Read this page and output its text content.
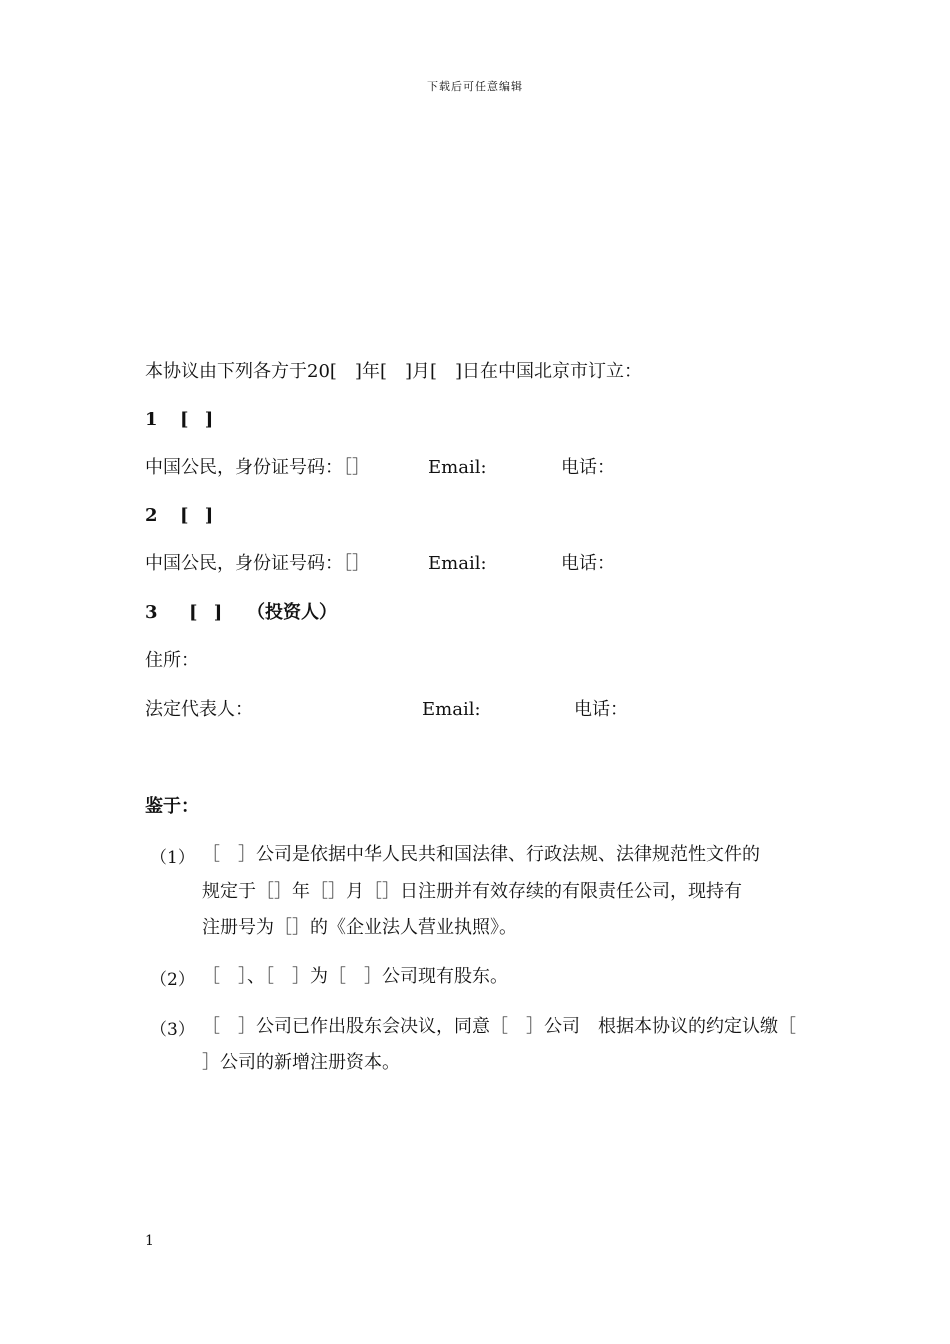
下载后可任意编辑
本协议由下列各方于20[　]年[　]月[　]日在中国北京市订立：
1 [ ]
中国公民，身份证号码：［］	Email:	电话：
2 [ ]
中国公民，身份证号码：［］	Email:	电话：
3 [ ] （投资人）
住所：
法定代表人：	Email:	电话：
鉴于：
（1） ［　］公司是依据中华人民共和国法律、行政法规、法律规范性文件的
规定于［］年［］月［］日注册并有效存续的有限责任公司，现持有
注册号为［］的《企业法人营业执照》。
（2） ［　］、［　］为［　］公司现有股东。
（3） ［　］公司已作出股东会决议，同意［　］公司　根据本协议的约定认缴［
］公司的新增注册资本。
1
